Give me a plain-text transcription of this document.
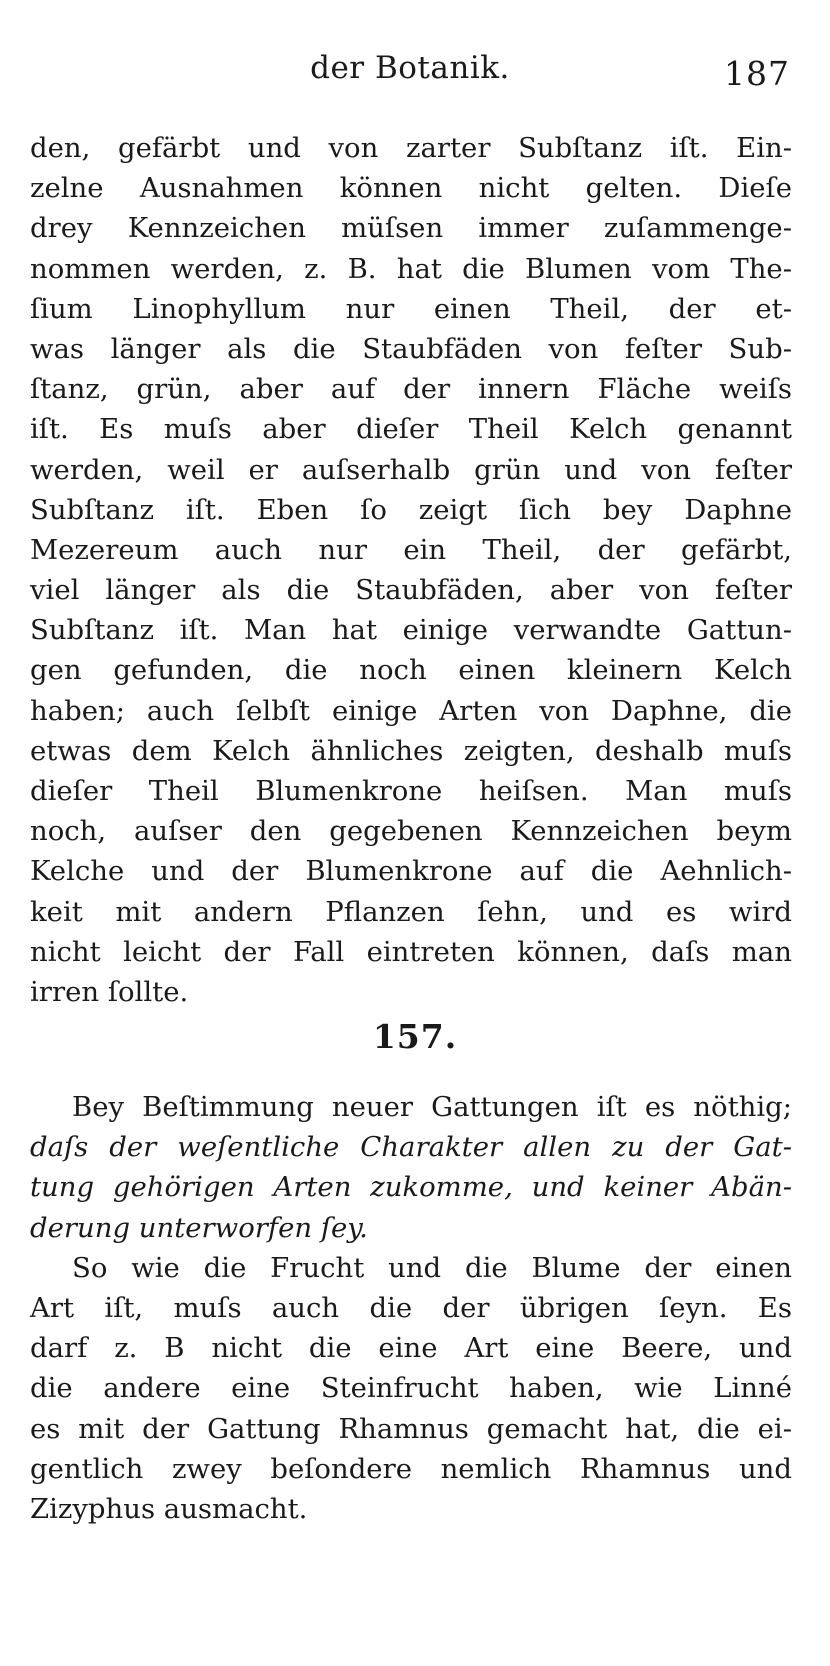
der Botanik.	187
den, gefärbt und von zarter Subſtanz iſt. Ein-
zelne Ausnahmen können nicht gelten. Dieſe
drey Kennzeichen müſsen immer zuſammenge-
nommen werden, z. B. hat die Blumen vom The-
ſium Linophyllum nur einen Theil, der et-
was länger als die Staubfäden von feſter Sub-
ſtanz, grün, aber auf der innern Fläche weiſs
iſt. Es muſs aber dieſer Theil Kelch genannt
werden, weil er auſserhalb grün und von feſter
Subſtanz iſt. Eben ſo zeigt ſich bey Daphne
Mezereum auch nur ein Theil, der gefärbt,
viel länger als die Staubfäden, aber von feſter
Subſtanz iſt. Man hat einige verwandte Gattun-
gen gefunden, die noch einen kleinern Kelch
haben; auch ſelbſt einige Arten von Daphne, die
etwas dem Kelch ähnliches zeigten, deshalb muſs
dieſer Theil Blumenkrone heiſsen. Man muſs
noch, auſser den gegebenen Kennzeichen beym
Kelche und der Blumenkrone auf die Aehnlich-
keit mit andern Pflanzen ſehn, und es wird
nicht leicht der Fall eintreten können, daſs man
irren ſollte.
157.
Bey Beſtimmung neuer Gattungen iſt es nöthig;
daſs der weſentliche Charakter allen zu der Gat-
tung gehörigen Arten zukomme, und keiner Abän-
derung unterworfen ſey.
So wie die Frucht und die Blume der einen
Art iſt, muſs auch die der übrigen ſeyn. Es
darf z. B nicht die eine Art eine Beere, und
die andere eine Steinfrucht haben, wie Linné
es mit der Gattung Rhamnus gemacht hat, die ei-
gentlich zwey beſondere nemlich Rhamnus und
Zizyphus ausmacht.
